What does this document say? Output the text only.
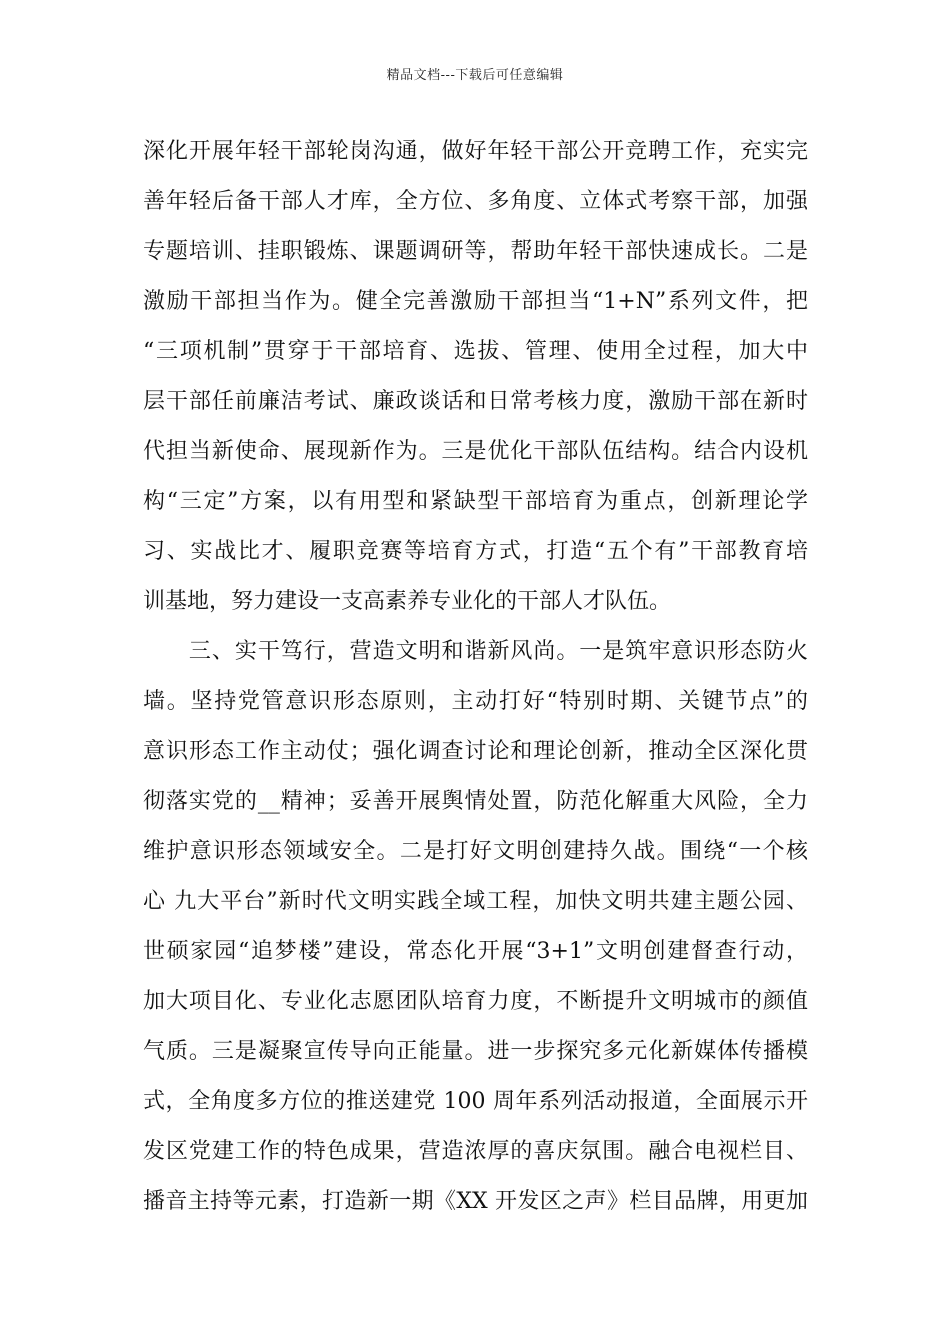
精品文档---下载后可任意编辑
深化开展年轻干部轮岗沟通，做好年轻干部公开竞聘工作，充实完
善年轻后备干部人才库，全方位、多角度、立体式考察干部，加强
专题培训、挂职锻炼、课题调研等，帮助年轻干部快速成长。二是
激励干部担当作为。健全完善激励干部担当“1+N”系列文件，把
“三项机制”贯穿于干部培育、选拔、管理、使用全过程，加大中
层干部任前廉洁考试、廉政谈话和日常考核力度，激励干部在新时
代担当新使命、展现新作为。三是优化干部队伍结构。结合内设机
构“三定”方案，以有用型和紧缺型干部培育为重点，创新理论学
习、实战比才、履职竞赛等培育方式，打造“五个有”干部教育培
训基地，努力建设一支高素养专业化的干部人才队伍。
　　三、实干笃行，营造文明和谐新风尚。一是筑牢意识形态防火
墙。坚持党管意识形态原则，主动打好“特别时期、关键节点”的
意识形态工作主动仗；强化调查讨论和理论创新，推动全区深化贯
彻落实党的__精神；妥善开展舆情处置，防范化解重大风险，全力
维护意识形态领域安全。二是打好文明创建持久战。围绕“一个核
心 九大平台”新时代文明实践全域工程，加快文明共建主题公园、
世硕家园“追梦楼”建设，常态化开展“3+1”文明创建督查行动，
加大项目化、专业化志愿团队培育力度，不断提升文明城市的颜值
气质。三是凝聚宣传导向正能量。进一步探究多元化新媒体传播模
式，全角度多方位的推送建党 100 周年系列活动报道，全面展示开
发区党建工作的特色成果，营造浓厚的喜庆氛围。融合电视栏目、
播音主持等元素，打造新一期《XX 开发区之声》栏目品牌，用更加
